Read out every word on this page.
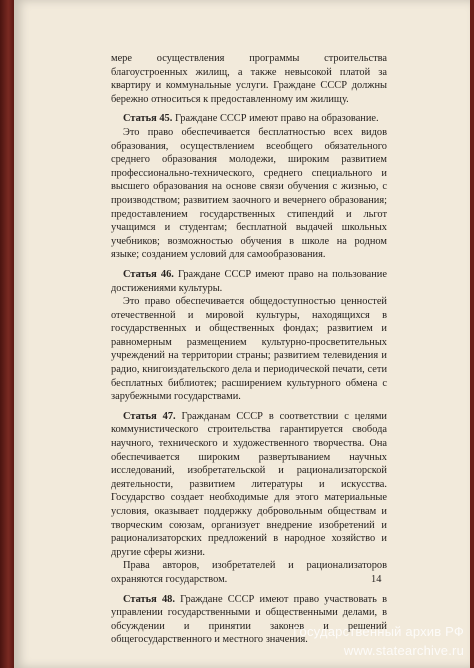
мере осуществления программы строительства благоустроенных жилищ, а также невысокой платой за квартиру и коммунальные услуги. Граждане СССР должны бережно относиться к предоставленному им жилищу.

Статья 45. Граждане СССР имеют право на образование.

Это право обеспечивается бесплатностью всех видов образования, осуществлением всеобщего обязательного среднего образования молодежи, широким развитием профессионально-технического, среднего специального и высшего образования на основе связи обучения с жизнью, с производством; развитием заочного и вечернего образования; предоставлением государственных стипендий и льгот учащимся и студентам; бесплатной выдачей школьных учебников; возможностью обучения в школе на родном языке; созданием условий для самообразования.

Статья 46. Граждане СССР имеют право на пользование достижениями культуры.

Это право обеспечивается общедоступностью ценностей отечественной и мировой культуры, находящихся в государственных и общественных фондах; развитием и равномерным размещением культурно-просветительных учреждений на территории страны; развитием телевидения и радио, книгоиздательского дела и периодической печати, сети бесплатных библиотек; расширением культурного обмена с зарубежными государствами.

Статья 47. Гражданам СССР в соответствии с целями коммунистического строительства гарантируется свобода научного, технического и художественного творчества. Она обеспечивается широким развертыванием научных исследований, изобретательской и рационализаторской деятельности, развитием литературы и искусства. Государство создает необходимые для этого материальные условия, оказывает поддержку добровольным обществам и творческим союзам, организует внедрение изобретений и рационализаторских предложений в народное хозяйство и другие сферы жизни.

Права авторов, изобретателей и рационализаторов охраняются государством.

Статья 48. Граждане СССР имеют право участвовать в управлении государственными и общественными делами, в обсуждении и принятии законов и решений общегосударственного и местного значения.

14
Государственный архив РФ
www.statearchive.ru
